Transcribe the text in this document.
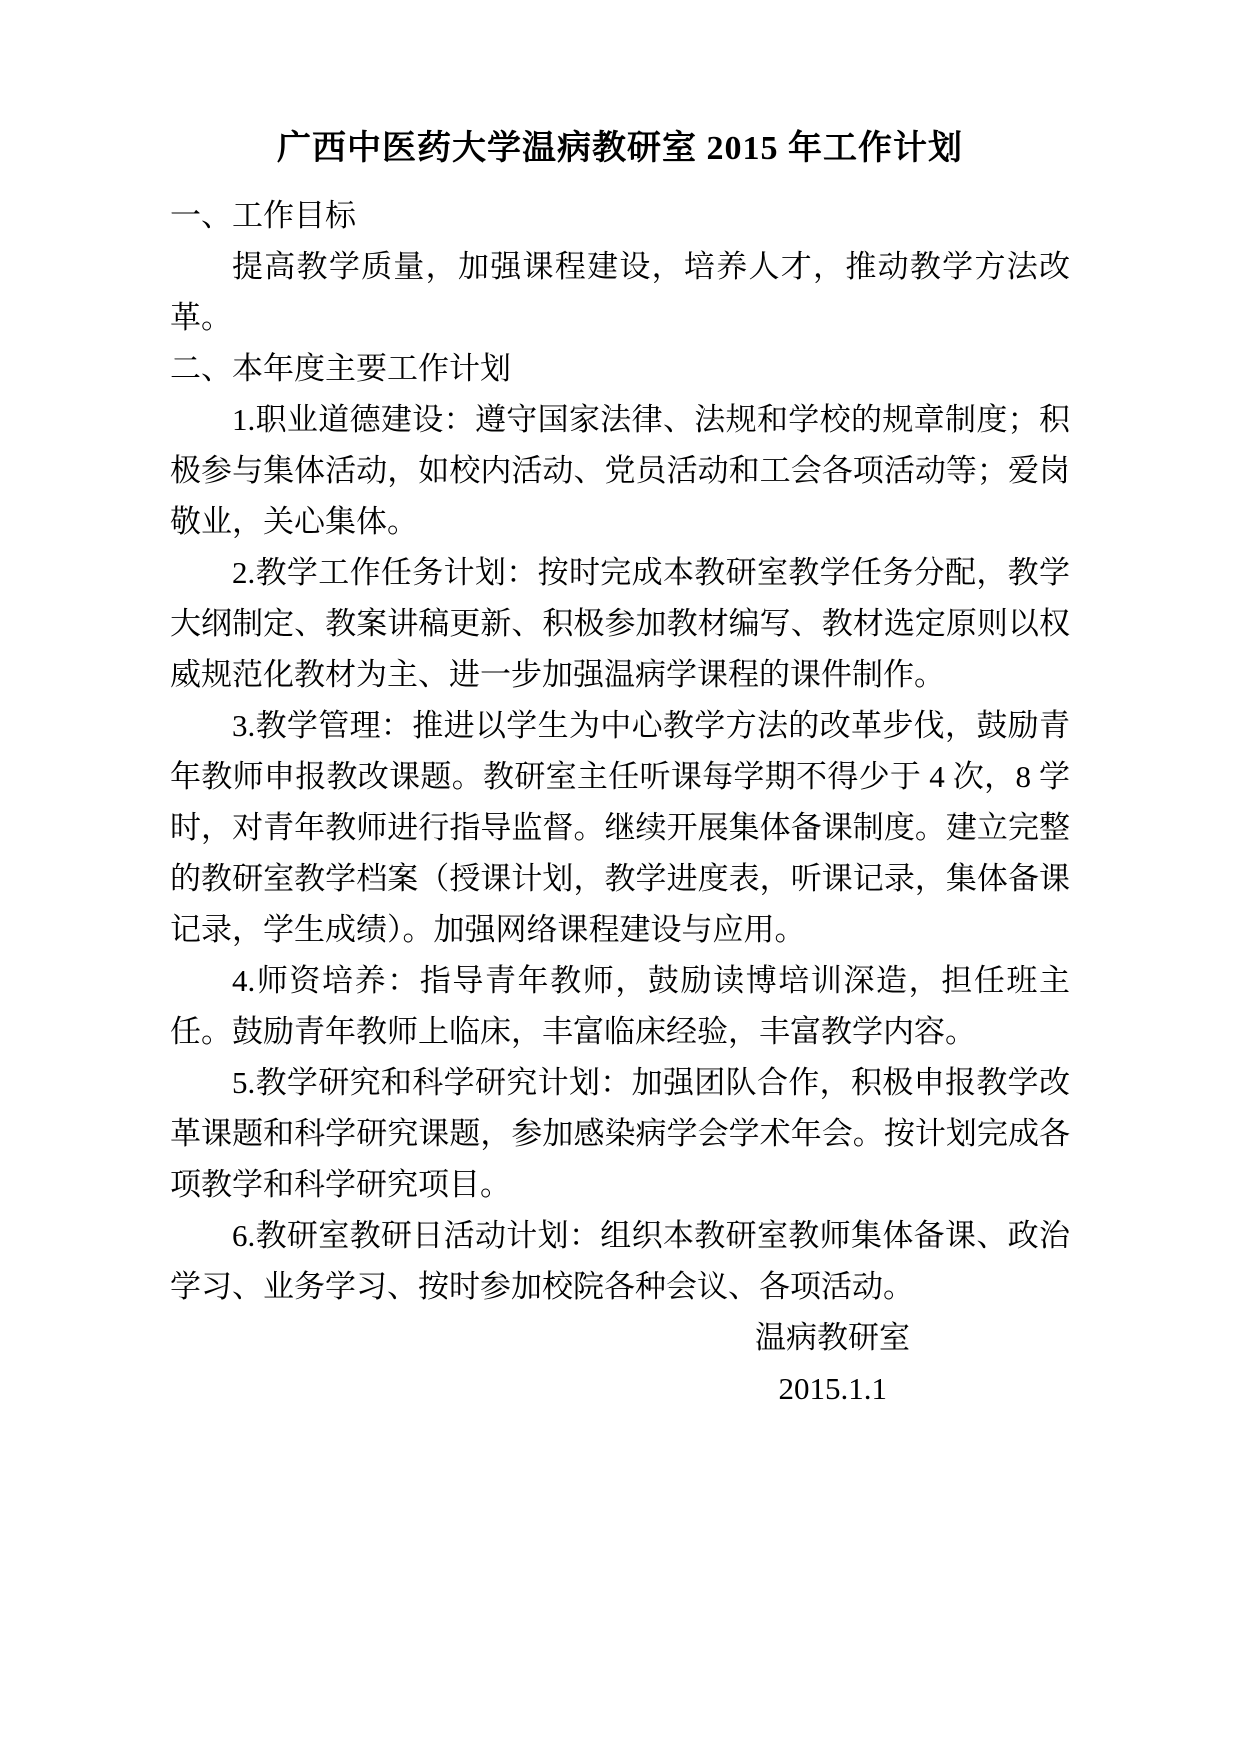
广西中医药大学温病教研室 2015 年工作计划

一、工作目标

提高教学质量，加强课程建设，培养人才，推动教学方法改革。

二、本年度主要工作计划

1.职业道德建设：遵守国家法律、法规和学校的规章制度；积极参与集体活动，如校内活动、党员活动和工会各项活动等；爱岗敬业，关心集体。

2.教学工作任务计划：按时完成本教研室教学任务分配，教学大纲制定、教案讲稿更新、积极参加教材编写、教材选定原则以权威规范化教材为主、进一步加强温病学课程的课件制作。

3.教学管理：推进以学生为中心教学方法的改革步伐，鼓励青年教师申报教改课题。教研室主任听课每学期不得少于 4 次，8 学时，对青年教师进行指导监督。继续开展集体备课制度。建立完整的教研室教学档案（授课计划，教学进度表，听课记录，集体备课记录，学生成绩）。加强网络课程建设与应用。

4.师资培养：指导青年教师，鼓励读博培训深造，担任班主任。鼓励青年教师上临床，丰富临床经验，丰富教学内容。

5.教学研究和科学研究计划：加强团队合作，积极申报教学改革课题和科学研究课题，参加感染病学会学术年会。按计划完成各项教学和科学研究项目。

6.教研室教研日活动计划：组织本教研室教师集体备课、政治学习、业务学习、按时参加校院各种会议、各项活动。

温病教研室

2015.1.1
